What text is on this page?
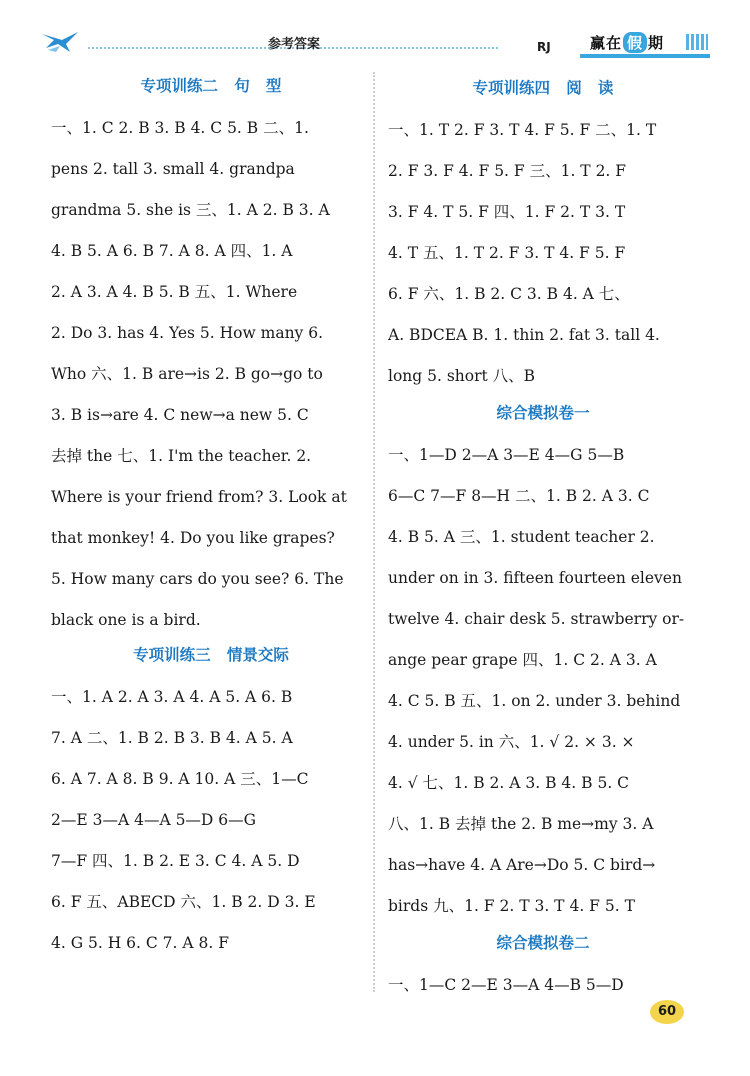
参考答案	RJ	赢在 假 期
专项训练二   句   型
一、1. C 2. B 3. B 4. C 5. B 二、1.
pens 2. tall 3. small 4. grandpa
grandma 5. she is 三、1. A 2. B 3. A
4. B 5. A 6. B 7. A 8. A 四、1. A
2. A 3. A 4. B 5. B 五、1. Where
2. Do 3. has 4. Yes 5. How many 6.
Who 六、1. B are→is 2. B go→go to
3. B is→are 4. C new→a new 5. C
去掉 the 七、1. I'm the teacher. 2.
Where is your friend from? 3. Look at
that monkey! 4. Do you like grapes?
5. How many cars do you see? 6. The
black one is a bird.
专项训练三   情景交际
一、1. A 2. A 3. A 4. A 5. A 6. B
7. A 二、1. B 2. B 3. B 4. A 5. A
6. A 7. A 8. B 9. A 10. A 三、1—C
2—E 3—A 4—A 5—D 6—G
7—F 四、1. B 2. E 3. C 4. A 5. D
6. F 五、ABECD 六、1. B 2. D 3. E
4. G 5. H 6. C 7. A 8. F
专项训练四   阅   读
一、1. T 2. F 3. T 4. F 5. F 二、1. T
2. F 3. F 4. F 5. F 三、1. T 2. F
3. F 4. T 5. F 四、1. F 2. T 3. T
4. T 五、1. T 2. F 3. T 4. F 5. F
6. F 六、1. B 2. C 3. B 4. A 七、
A. BDCEA B. 1. thin 2. fat 3. tall 4.
long 5. short 八、B
综合模拟卷一
一、1—D 2—A 3—E 4—G 5—B
6—C 7—F 8—H 二、1. B 2. A 3. C
4. B 5. A 三、1. student teacher 2.
under on in 3. fifteen fourteen eleven
twelve 4. chair desk 5. strawberry or-
ange pear grape 四、1. C 2. A 3. A
4. C 5. B 五、1. on 2. under 3. behind
4. under 5. in 六、1. √ 2. × 3. ×
4. √ 七、1. B 2. A 3. B 4. B 5. C
八、1. B 去掉 the 2. B me→my 3. A
has→have 4. A Are→Do 5. C bird→
birds 九、1. F 2. T 3. T 4. F 5. T
综合模拟卷二
一、1—C 2—E 3—A 4—B 5—D
60
